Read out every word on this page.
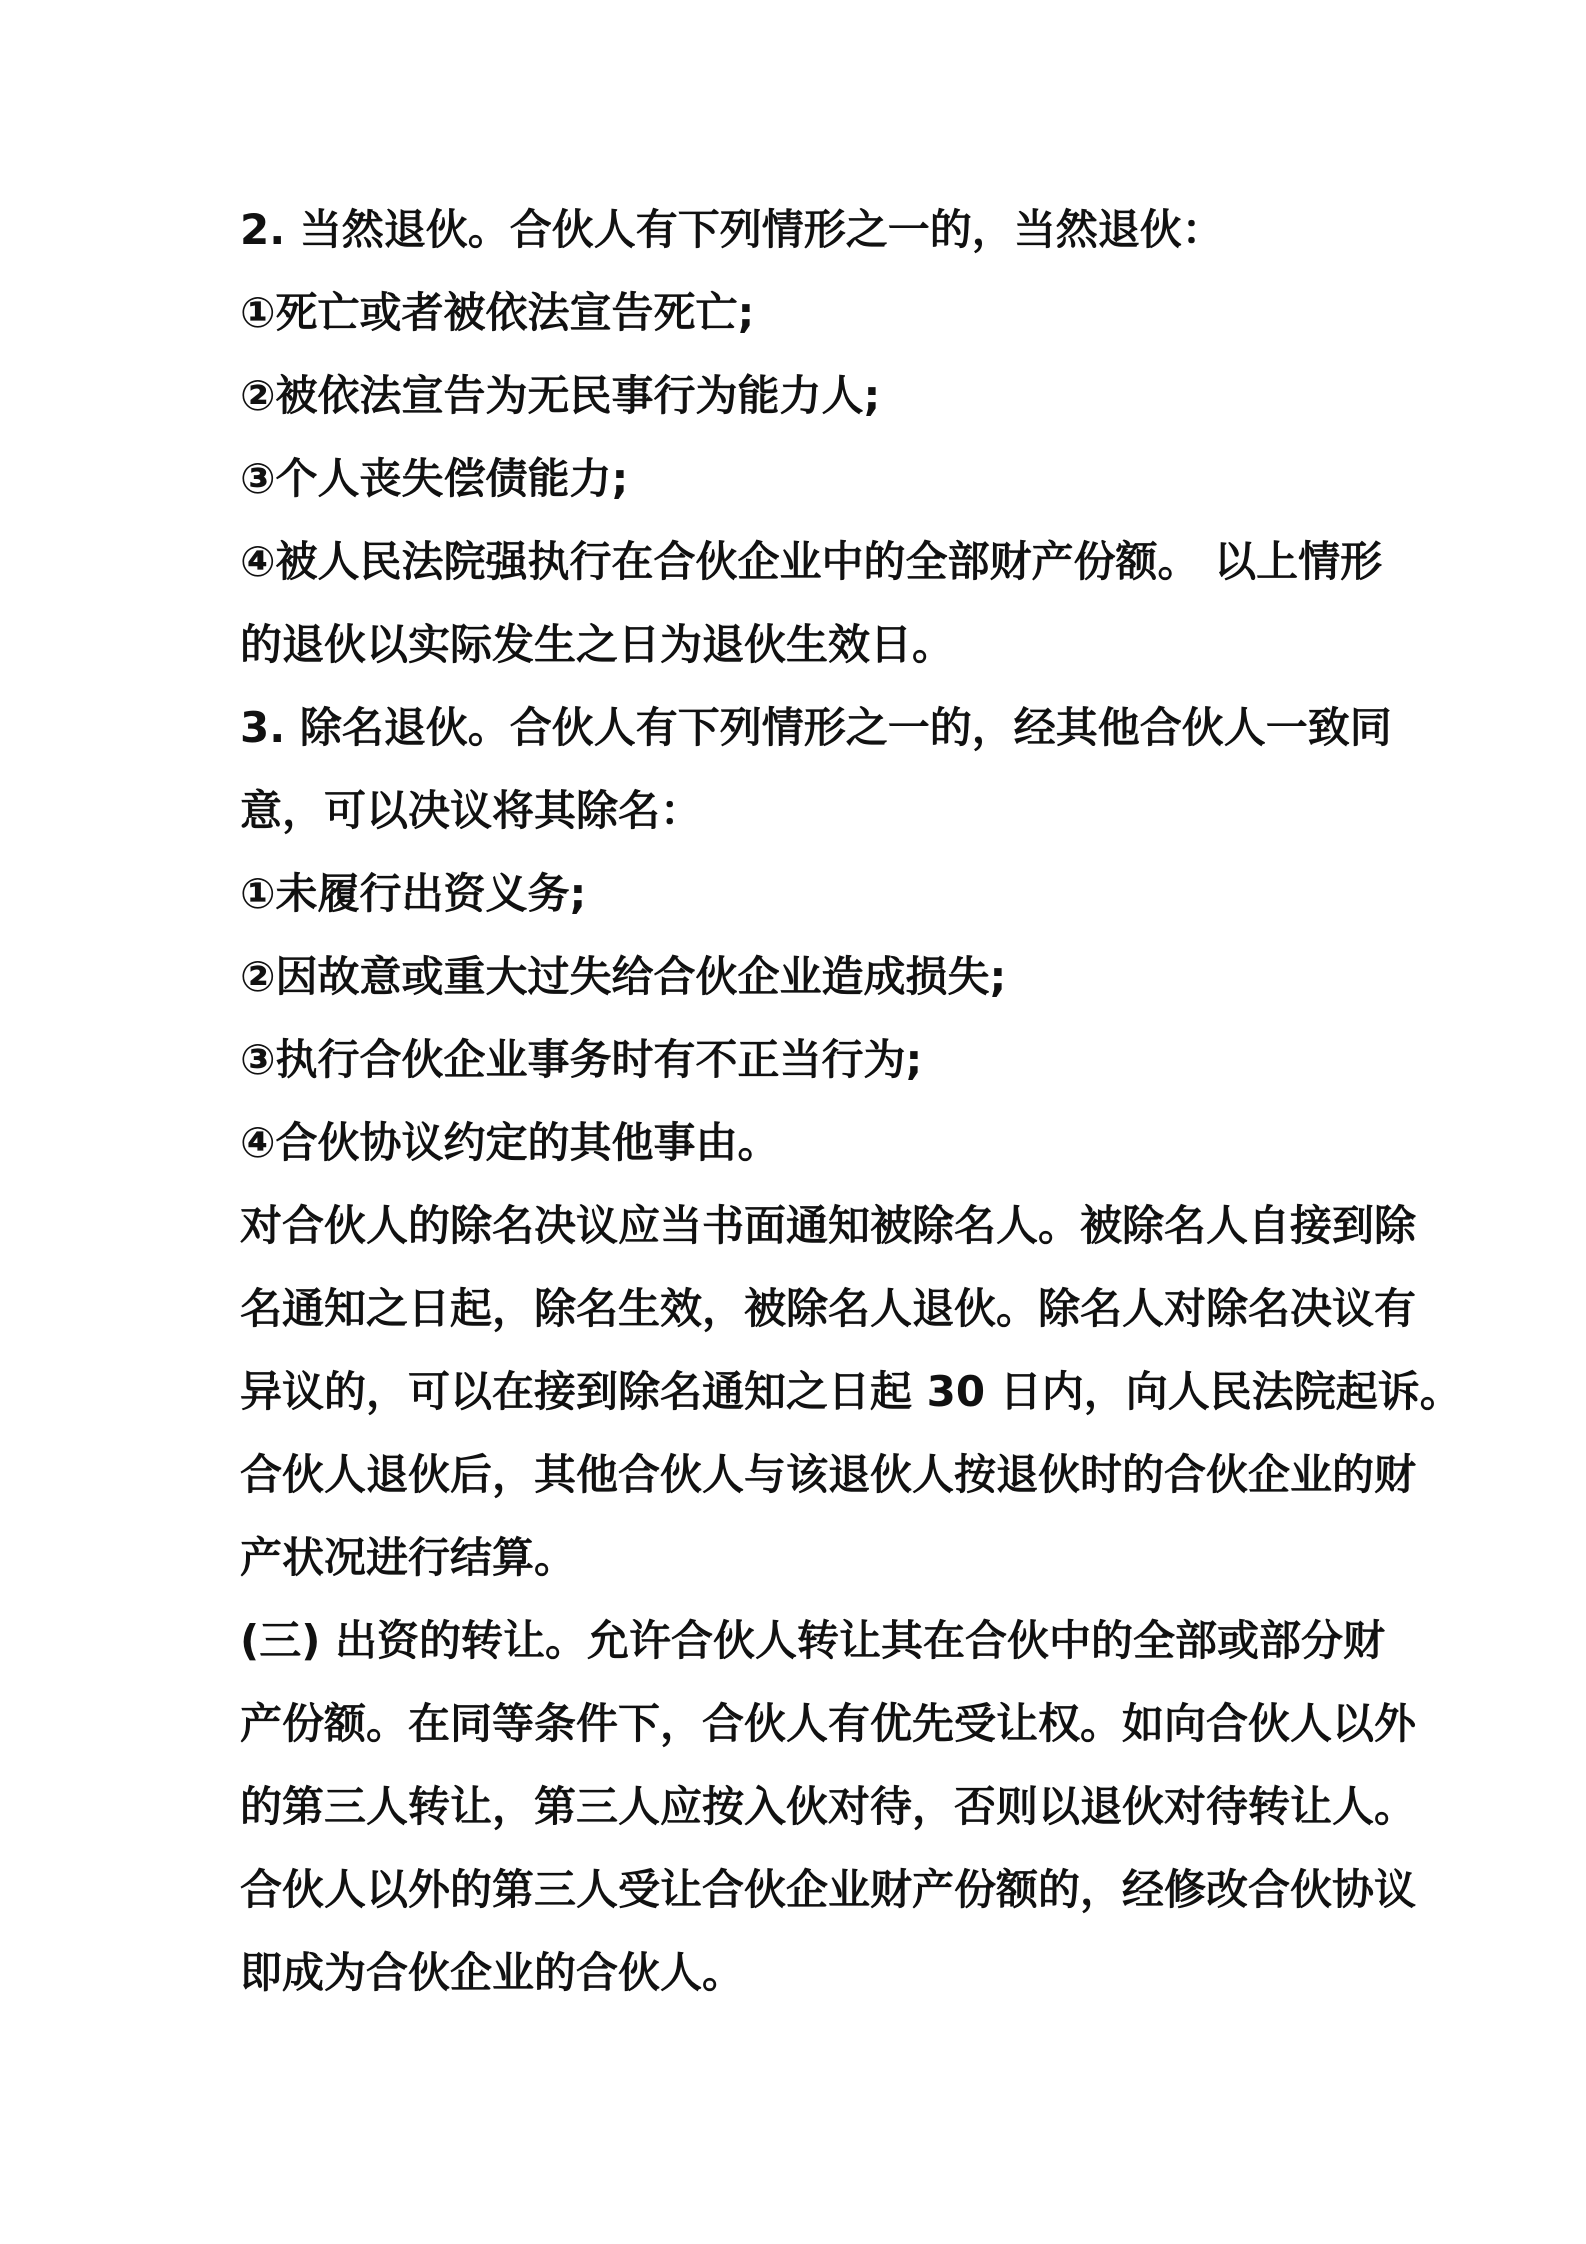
2. 当然退伙。合伙人有下列情形之一的，当然退伙：
①死亡或者被依法宣告死亡;
②被依法宣告为无民事行为能力人;
③个人丧失偿债能力;
④被人民法院强执行在合伙企业中的全部财产份额。 以上情形
的退伙以实际发生之日为退伙生效日。
3. 除名退伙。合伙人有下列情形之一的，经其他合伙人一致同
意，可以决议将其除名：
①未履行出资义务;
②因故意或重大过失给合伙企业造成损失;
③执行合伙企业事务时有不正当行为;
④合伙协议约定的其他事由。
对合伙人的除名决议应当书面通知被除名人。被除名人自接到除
名通知之日起，除名生效，被除名人退伙。除名人对除名决议有
异议的，可以在接到除名通知之日起 30 日内，向人民法院起诉。
合伙人退伙后，其他合伙人与该退伙人按退伙时的合伙企业的财
产状况进行结算。
(三) 出资的转让。允许合伙人转让其在合伙中的全部或部分财
产份额。在同等条件下，合伙人有优先受让权。如向合伙人以外
的第三人转让，第三人应按入伙对待，否则以退伙对待转让人。
合伙人以外的第三人受让合伙企业财产份额的，经修改合伙协议
即成为合伙企业的合伙人。
